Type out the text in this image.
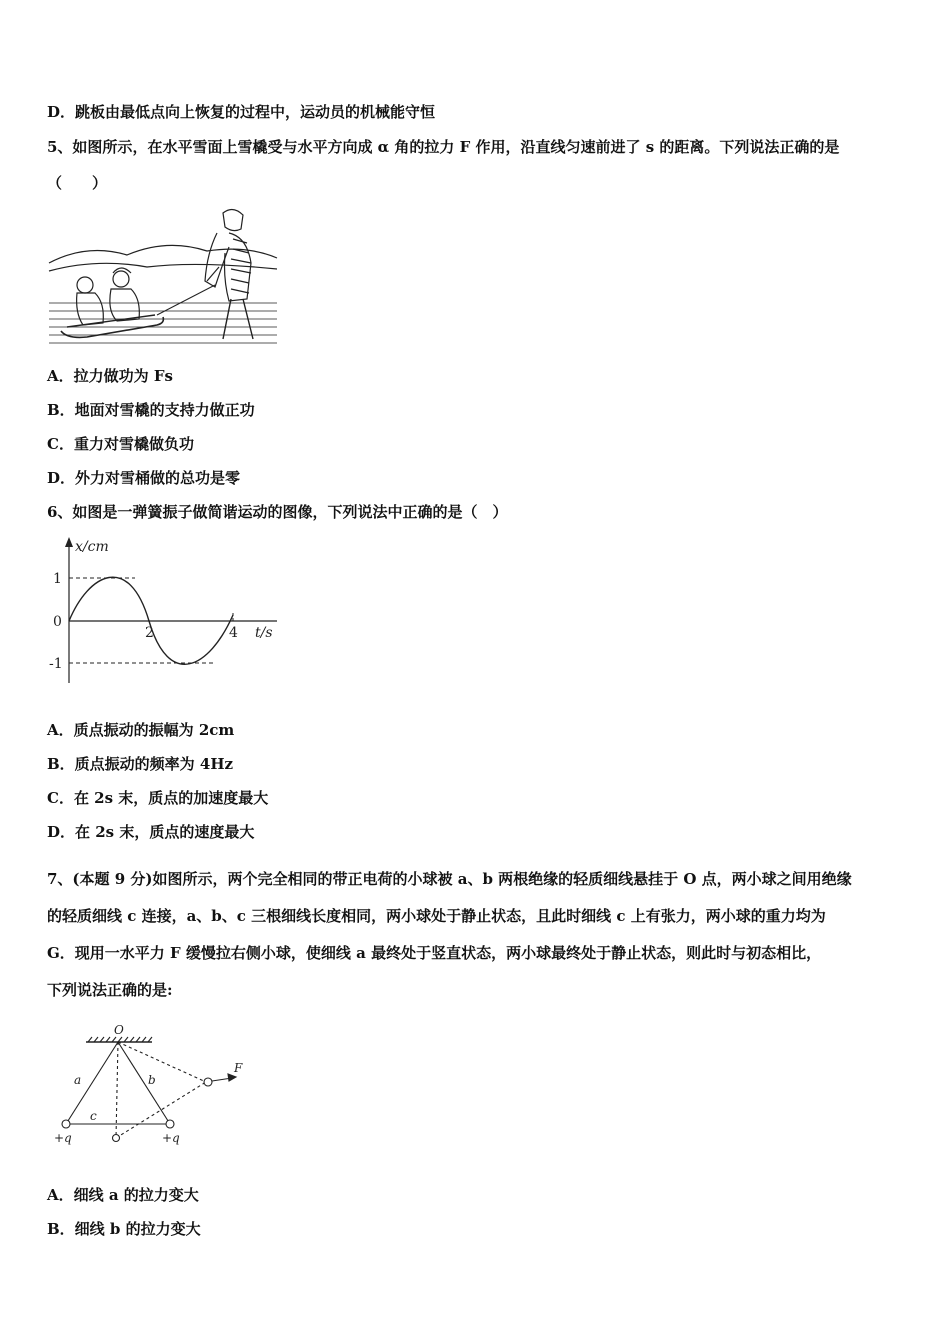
D．跳板由最低点向上恢复的过程中，运动员的机械能守恒
5、如图所示，在水平雪面上雪橇受与水平方向成 α 角的拉力 F 作用，沿直线匀速前进了 s 的距离。下列说法正确的是
（　　）
A．拉力做功为 Fs
B．地面对雪橇的支持力做正功
C．重力对雪橇做负功
D．外力对雪桶做的总功是零
6、如图是一弹簧振子做简谐运动的图像，下列说法中正确的是（　）
x/cm
1
0
-1
2	4 t/s
A．质点振动的振幅为 2cm
B．质点振动的频率为 4Hz
C．在 2s 末，质点的加速度最大
D．在 2s 末，质点的速度最大
7、(本题 9 分)如图所示，两个完全相同的带正电荷的小球被 a、b 两根绝缘的轻质细线悬挂于 O 点，两小球之间用绝缘
的轻质细线 c 连接，a、b、c 三根细线长度相同，两小球处于静止状态，且此时细线 c 上有张力，两小球的重力均为
G．现用一水平力 F 缓慢拉右侧小球，使细线 a 最终处于竖直状态，两小球最终处于静止状态，则此时与初态相比，
下列说法正确的是:
O
a	b
c
F
+q	+q
A．细线 a 的拉力变大
B．细线 b 的拉力变大
